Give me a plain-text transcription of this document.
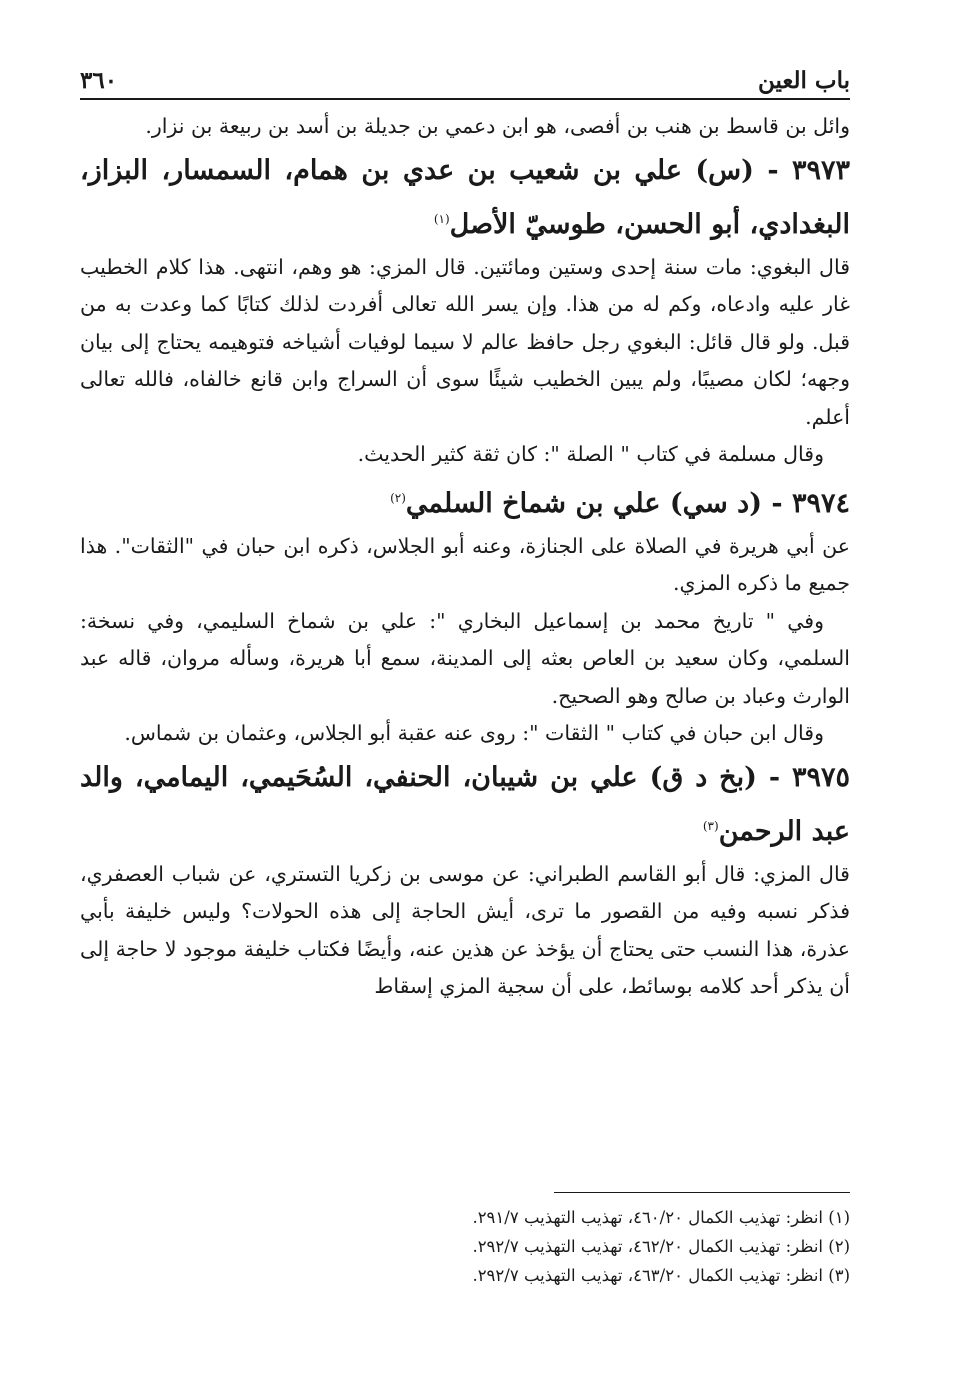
باب العين
٣٦٠

وائل بن قاسط بن هنب بن أفصى، هو ابن دعمي بن جديلة بن أسد بن ربيعة بن نزار.

٣٩٧٣ - (س) علي بن شعيب بن عدي بن همام، السمسار، البزاز، البغدادي، أبو الحسن، طوسيّ الأصل$^{(١)}$

قال البغوي: مات سنة إحدى وستين ومائتين. قال المزي: هو وهم، انتهى. هذا كلام الخطيب غار عليه وادعاه، وكم له من هذا. وإن يسر الله تعالى أفردت لذلك كتابًا كما وعدت به من قبل. ولو قال قائل: البغوي رجل حافظ عالم لا سيما لوفيات أشياخه فتوهيمه يحتاج إلى بيان وجهه؛ لكان مصيبًا، ولم يبين الخطيب شيئًا سوى أن السراج وابن قانع خالفاه، فالله تعالى أعلم.

وقال مسلمة في كتاب " الصلة ": كان ثقة كثير الحديث.

٣٩٧٤ - (د سي) علي بن شماخ السلمي$^{(٢)}$

عن أبي هريرة في الصلاة على الجنازة، وعنه أبو الجلاس، ذكره ابن حبان في "الثقات". هذا جميع ما ذكره المزي.

وفي " تاريخ محمد بن إسماعيل البخاري ": علي بن شماخ السليمي، وفي نسخة: السلمي، وكان سعيد بن العاص بعثه إلى المدينة، سمع أبا هريرة، وسأله مروان، قاله عبد الوارث وعباد بن صالح وهو الصحيح.

وقال ابن حبان في كتاب " الثقات ": روى عنه عقبة أبو الجلاس، وعثمان بن شماس.

٣٩٧٥ - (بخ د ق) علي بن شيبان، الحنفي، السُحَيمي، اليمامي، والد عبد الرحمن$^{(٣)}$

قال المزي: قال أبو القاسم الطبراني: عن موسى بن زكريا التستري، عن شباب العصفري، فذكر نسبه وفيه من القصور ما ترى، أيش الحاجة إلى هذه الحولات؟ وليس خليفة بأبي عذرة، هذا النسب حتى يحتاج أن يؤخذ عن هذين عنه، وأيضًا فكتاب خليفة موجود لا حاجة إلى أن يذكر أحد كلامه بوسائط، على أن سجية المزي إسقاط

(١) انظر: تهذيب الكمال ٤٦٠/٢٠، تهذيب التهذيب ٢٩١/٧.

(٢) انظر: تهذيب الكمال ٤٦٢/٢٠، تهذيب التهذيب ٢٩٢/٧.

(٣) انظر: تهذيب الكمال ٤٦٣/٢٠، تهذيب التهذيب ٢٩٢/٧.
